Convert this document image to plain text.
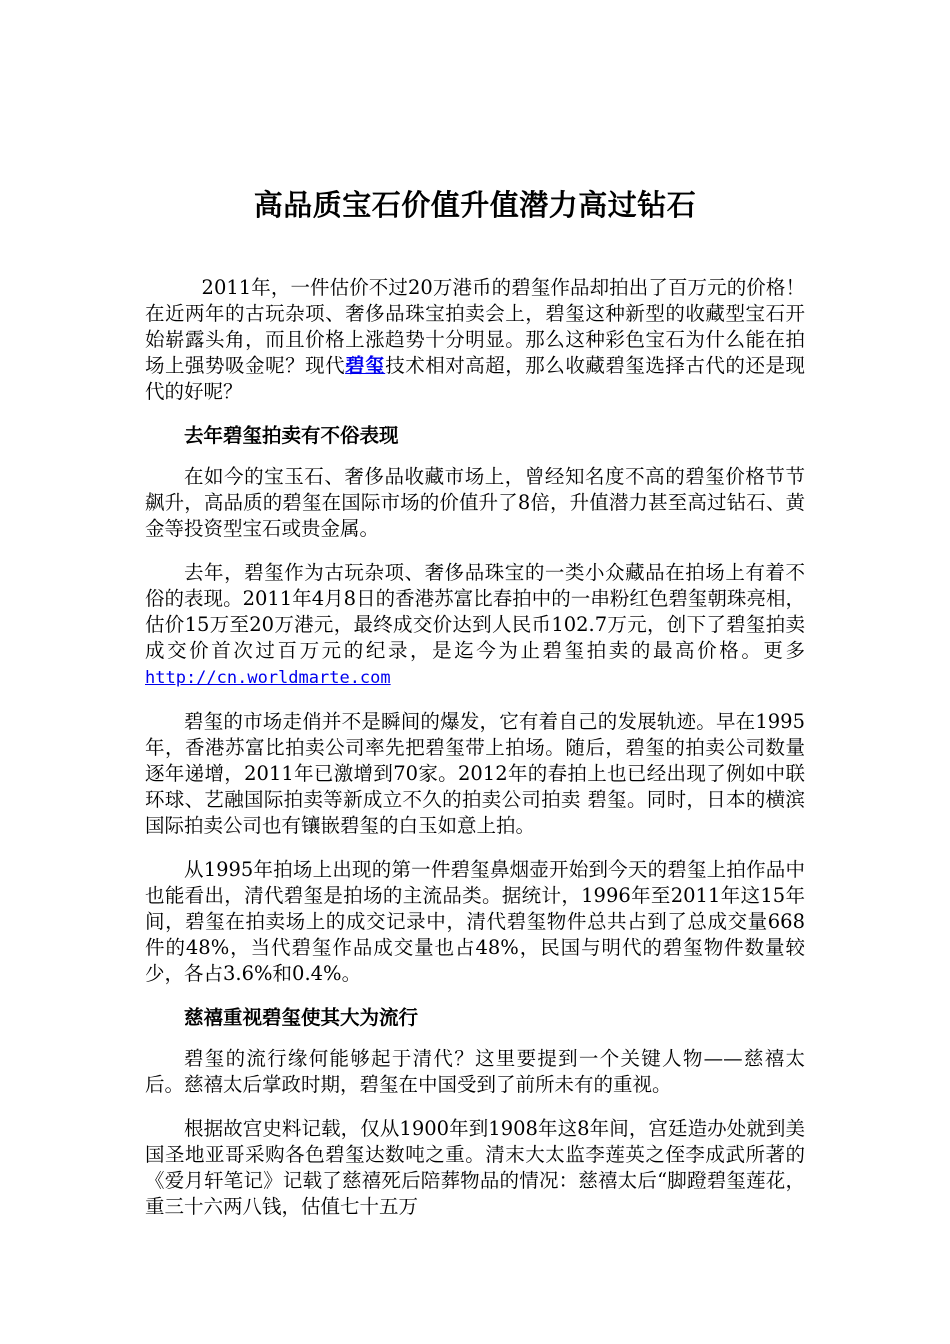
高品质宝石价值升值潜力高过钻石

2011年，一件估价不过20万港币的碧玺作品却拍出了百万元的价格！在近两年的古玩杂项、奢侈品珠宝拍卖会上，碧玺这种新型的收藏型宝石开始崭露头角，而且价格上涨趋势十分明显。那么这种彩色宝石为什么能在拍场上强势吸金呢？现代碧玺技术相对高超，那么收藏碧玺选择古代的还是现代的好呢？

去年碧玺拍卖有不俗表现

在如今的宝玉石、奢侈品收藏市场上，曾经知名度不高的碧玺价格节节飙升，高品质的碧玺在国际市场的价值升了8倍，升值潜力甚至高过钻石、黄金等投资型宝石或贵金属。

去年，碧玺作为古玩杂项、奢侈品珠宝的一类小众藏品在拍场上有着不俗的表现。2011年4月8日的香港苏富比春拍中的一串粉红色碧玺朝珠亮相，估价15万至20万港元，最终成交价达到人民币102.7万元，创下了碧玺拍卖成交价首次过百万元的纪录，是迄今为止碧玺拍卖的最高价格。更多http://cn.worldmarte.com

碧玺的市场走俏并不是瞬间的爆发，它有着自己的发展轨迹。早在1995年，香港苏富比拍卖公司率先把碧玺带上拍场。随后，碧玺的拍卖公司数量逐年递增，2011年已激增到70家。2012年的春拍上也已经出现了例如中联环球、艺融国际拍卖等新成立不久的拍卖公司拍卖 碧玺。同时，日本的横滨国际拍卖公司也有镶嵌碧玺的白玉如意上拍。

从1995年拍场上出现的第一件碧玺鼻烟壶开始到今天的碧玺上拍作品中也能看出，清代碧玺是拍场的主流品类。据统计，1996年至2011年这15年间，碧玺在拍卖场上的成交记录中，清代碧玺物件总共占到了总成交量668件的48%，当代碧玺作品成交量也占48%，民国与明代的碧玺物件数量较少，各占3.6%和0.4%。

慈禧重视碧玺使其大为流行

碧玺的流行缘何能够起于清代？这里要提到一个关键人物——慈禧太后。慈禧太后掌政时期，碧玺在中国受到了前所未有的重视。

根据故宫史料记载，仅从1900年到1908年这8年间，宫廷造办处就到美国圣地亚哥采购各色碧玺达数吨之重。清末大太监李莲英之侄李成武所著的《爱月轩笔记》记载了慈禧死后陪葬物品的情况：慈禧太后“脚蹬碧玺莲花，重三十六两八钱，估值七十五万
